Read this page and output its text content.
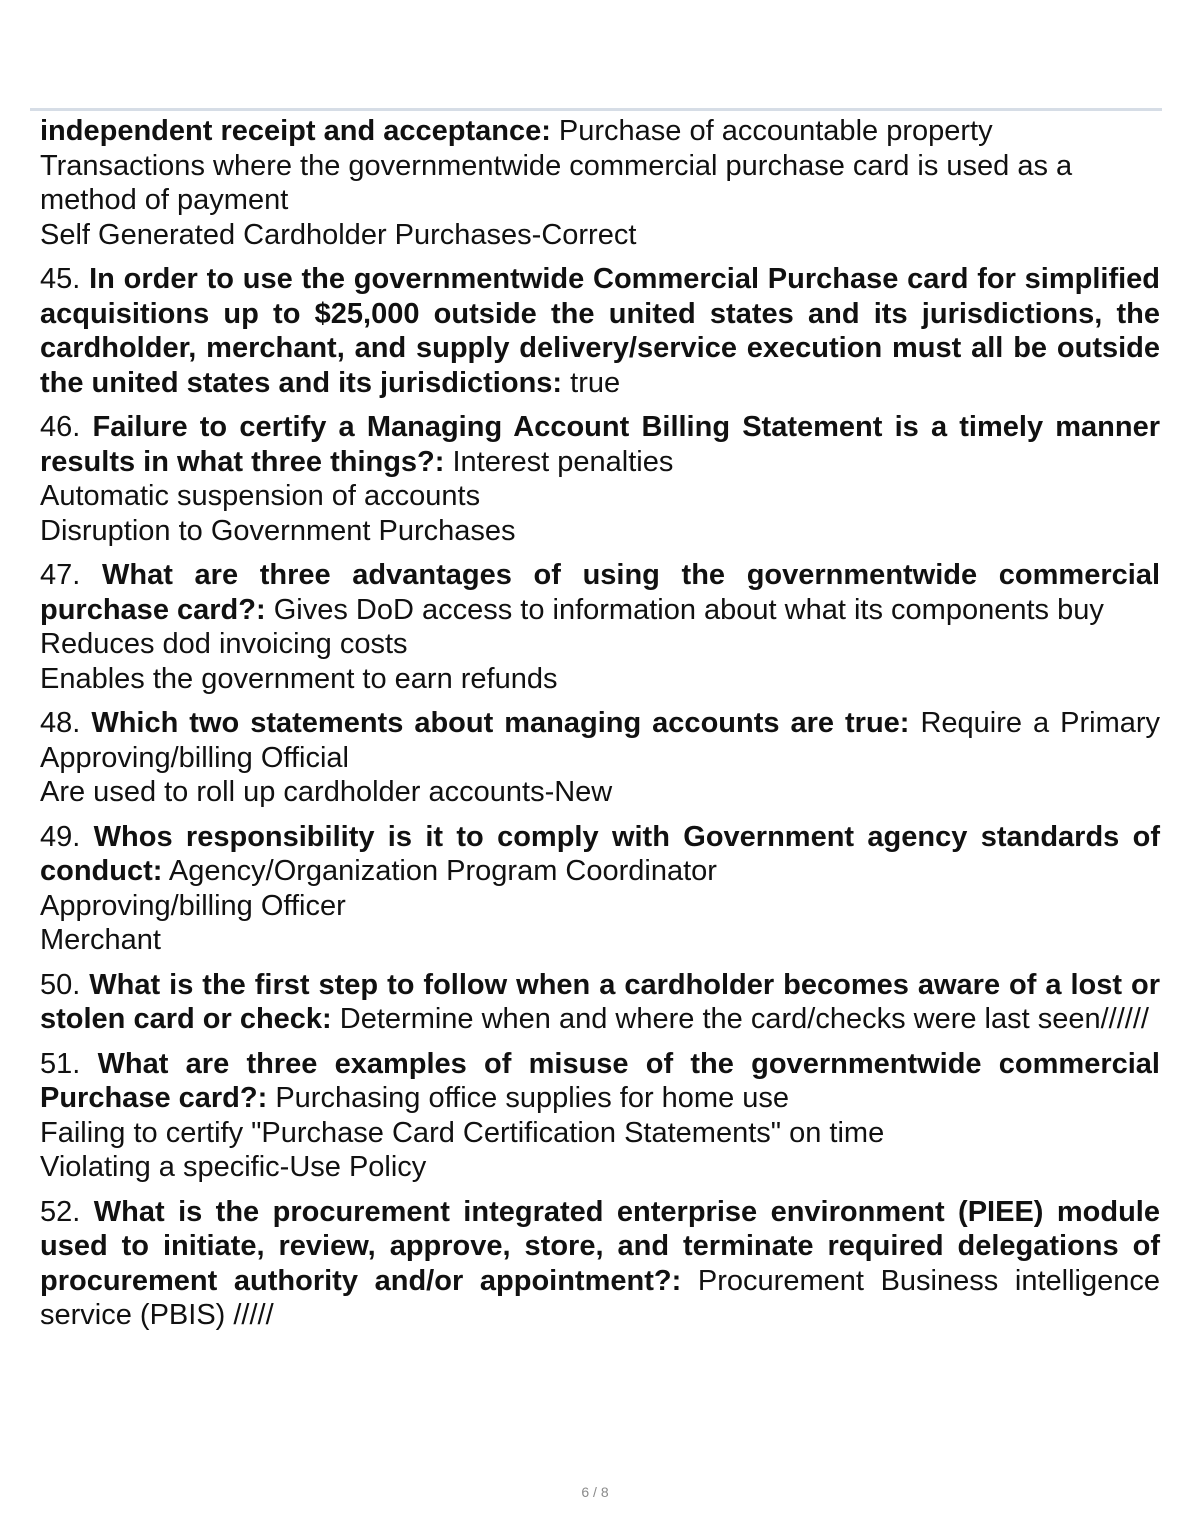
independent receipt and acceptance: Purchase of accountable property
Transactions where the governmentwide commercial purchase card is used as a method of payment
Self Generated Cardholder Purchases-Correct
45. In order to use the governmentwide Commercial Purchase card for simplified acquisitions up to $25,000 outside the united states and its jurisdictions, the cardholder, merchant, and supply delivery/service execution must all be outside the united states and its jurisdictions: true
46. Failure to certify a Managing Account Billing Statement is a timely manner results in what three things?: Interest penalties
Automatic suspension of accounts
Disruption to Government Purchases
47. What are three advantages of using the governmentwide commercial purchase card?: Gives DoD access to information about what its components buy
Reduces dod invoicing costs
Enables the government to earn refunds
48. Which two statements about managing accounts are true: Require a Primary Approving/billing Official
Are used to roll up cardholder accounts-New
49. Whos responsibility is it to comply with Government agency standards of conduct: Agency/Organization Program Coordinator
Approving/billing Officer
Merchant
50. What is the first step to follow when a cardholder becomes aware of a lost or stolen card or check: Determine when and where the card/checks were last seen//////
51. What are three examples of misuse of the governmentwide commercial Purchase card?: Purchasing office supplies for home use
Failing to certify "Purchase Card Certification Statements" on time
Violating a specific-Use Policy
52. What is the procurement integrated enterprise environment (PIEE) module used to initiate, review, approve, store, and terminate required delegations of procurement authority and/or appointment?: Procurement Business intelligence service (PBIS) /////
6 / 8
